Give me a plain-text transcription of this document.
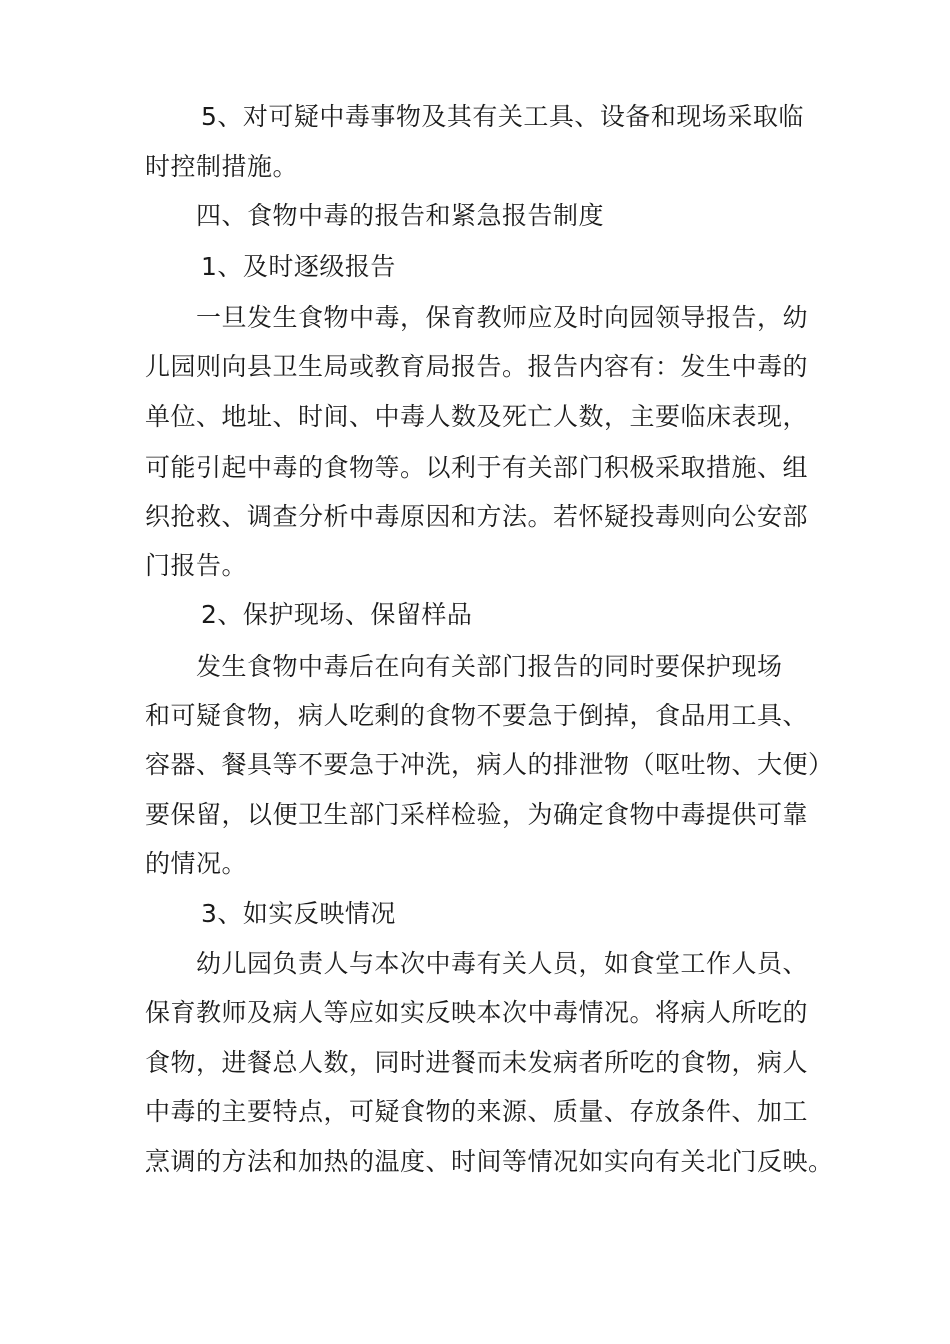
5、对可疑中毒事物及其有关工具、设备和现场采取临
时控制措施。
四、食物中毒的报告和紧急报告制度
1、及时逐级报告
一旦发生食物中毒，保育教师应及时向园领导报告，幼
儿园则向县卫生局或教育局报告。报告内容有：发生中毒的
单位、地址、时间、中毒人数及死亡人数，主要临床表现，
可能引起中毒的食物等。以利于有关部门积极采取措施、组
织抢救、调查分析中毒原因和方法。若怀疑投毒则向公安部
门报告。
2、保护现场、保留样品
发生食物中毒后在向有关部门报告的同时要保护现场
和可疑食物，病人吃剩的食物不要急于倒掉，食品用工具、
容器、餐具等不要急于冲洗，病人的排泄物（呕吐物、大便）
要保留，以便卫生部门采样检验，为确定食物中毒提供可靠
的情况。
3、如实反映情况
幼儿园负责人与本次中毒有关人员，如食堂工作人员、
保育教师及病人等应如实反映本次中毒情况。将病人所吃的
食物，进餐总人数，同时进餐而未发病者所吃的食物，病人
中毒的主要特点，可疑食物的来源、质量、存放条件、加工
烹调的方法和加热的温度、时间等情况如实向有关北门反映。
